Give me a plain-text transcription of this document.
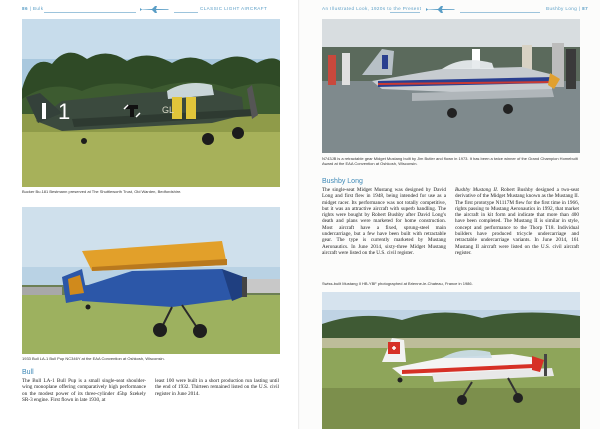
86 | Bulk	CLASSIC LIGHT AIRCRAFT
1	GL
Bucker Bu.181 Bestmann preserved at The Shuttleworth Trust, Old Warden, Bedfordshire.
1933 Bull LA-1 Bull Pup NC346Y at the EAA Convention at Oshkosh, Wisconsin.
Bull
The Bull LA-1 Bull Pup is a small single-seat shoulder-wing monoplane offering comparatively high performance on the modest power of its three-cylinder 45hp Szekely SR-3 engine. First flown in late 1930, at
least 100 were built in a short production run lasting until the end of 1932. Thirteen remained listed on the U.S. civil register in June 2014.
An Illustrated Look, 1920s to the Present	Bushby Long | 87
N743JB is a retractable gear Midget Mustang built by Jim Butler and flown in 1973. It has been a twice winner of the Grand Champion Homebuilt Award at the EAA Convention at Oshkosh, Wisconsin.
Bushby Long
The single-seat Midget Mustang was designed by David Long and first flew in 1948, being intended for use as a midget racer. Its performance was not totally competitive, but it was an attractive aircraft with superb handling. The rights were bought by Robert Bushby after David Long's death and plans were marketed for home construction. Most aircraft have a fixed, sprung-steel main undercarriage, but a few have been built with retractable gear. The type is currently marketed by Mustang Aeronautics. In June 2014, sixty-three Midget Mustang aircraft were listed on the U.S. civil register.
Bushby Mustang II. Robert Bushby designed a two-seat derivative of the Midget Mustang known as the Mustang II. The first prototype N1117M flew for the first time in 1966, rights passing to Mustang Aeronautics in 1992, that market the aircraft in kit form and indicate that more than 400 have been completed. The Mustang II is similar in style, concept and performance to the Thorp T18. Individual builders have produced tricycle undercarriage and retractable undercarriage variants. In June 2014, 161 Mustang II aircraft were listed on the U.S. civil aircraft register.
Swiss-built Mustang II HB-YBF photographed at Brienne-le-Chateau, France in 1986.
